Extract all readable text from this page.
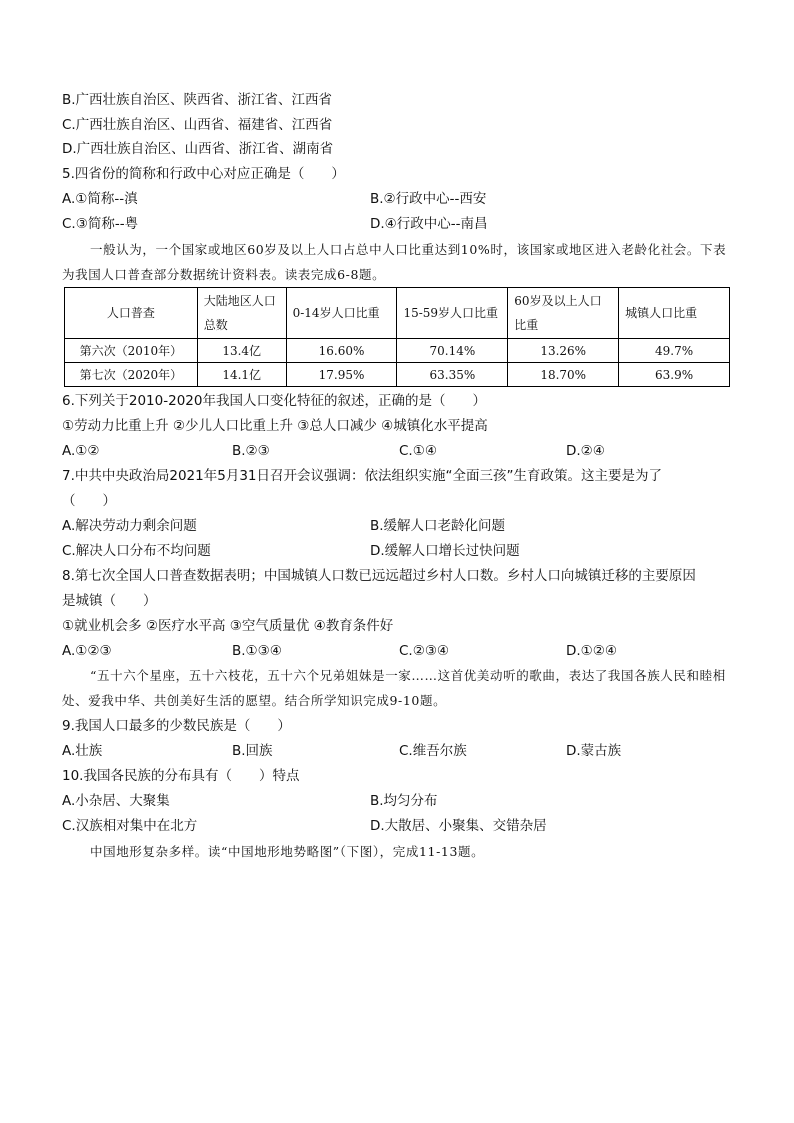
B.广西壮族自治区、陕西省、浙江省、江西省
C.广西壮族自治区、山西省、福建省、江西省
D.广西壮族自治区、山西省、浙江省、湖南省
5.四省份的简称和行政中心对应正确是（　　）
A.①简称--滇	B.②行政中心--西安
C.③简称--粤	D.④行政中心--南昌
一般认为，一个国家或地区60岁及以上人口占总中人口比重达到10%时，该国家或地区进入老龄化社会。下表为我国人口普查部分数据统计资料表。读表完成6-8题。
人口普查	大陆地区人口总数	0-14岁人口比重	15-59岁人口比重	60岁及以上人口比重	城镇人口比重
第六次（2010年）	13.4亿	16.60%	70.14%	13.26%	49.7%
第七次（2020年）	14.1亿	17.95%	63.35%	18.70%	63.9%
6.下列关于2010-2020年我国人口变化特征的叙述，正确的是（　　）
①劳动力比重上升 ②少儿人口比重上升 ③总人口减少 ④城镇化水平提高
A.①②	B.②③	C.①④	D.②④
7.中共中央政治局2021年5月31日召开会议强调：依法组织实施“全面三孩”生育政策。这主要是为了
（　　）
A.解决劳动力剩余问题	B.缓解人口老龄化问题
C.解决人口分布不均问题	D.缓解人口增长过快问题
8.第七次全国人口普查数据表明；中国城镇人口数已远远超过乡村人口数。乡村人口向城镇迁移的主要原因
是城镇（　　）
①就业机会多 ②医疗水平高 ③空气质量优 ④教育条件好
A.①②③	B.①③④	C.②③④	D.①②④
“五十六个星座，五十六枝花，五十六个兄弟姐妹是一家……这首优美动听的歌曲，表达了我国各族人民和睦相处、爱我中华、共创美好生活的愿望。结合所学知识完成9-10题。
9.我国人口最多的少数民族是（　　）
A.壮族	B.回族	C.维吾尔族	D.蒙古族
10.我国各民族的分布具有（　　）特点
A.小杂居、大聚集	B.均匀分布
C.汉族相对集中在北方	D.大散居、小聚集、交错杂居
中国地形复杂多样。读“中国地形地势略图”（下图），完成11-13题。
